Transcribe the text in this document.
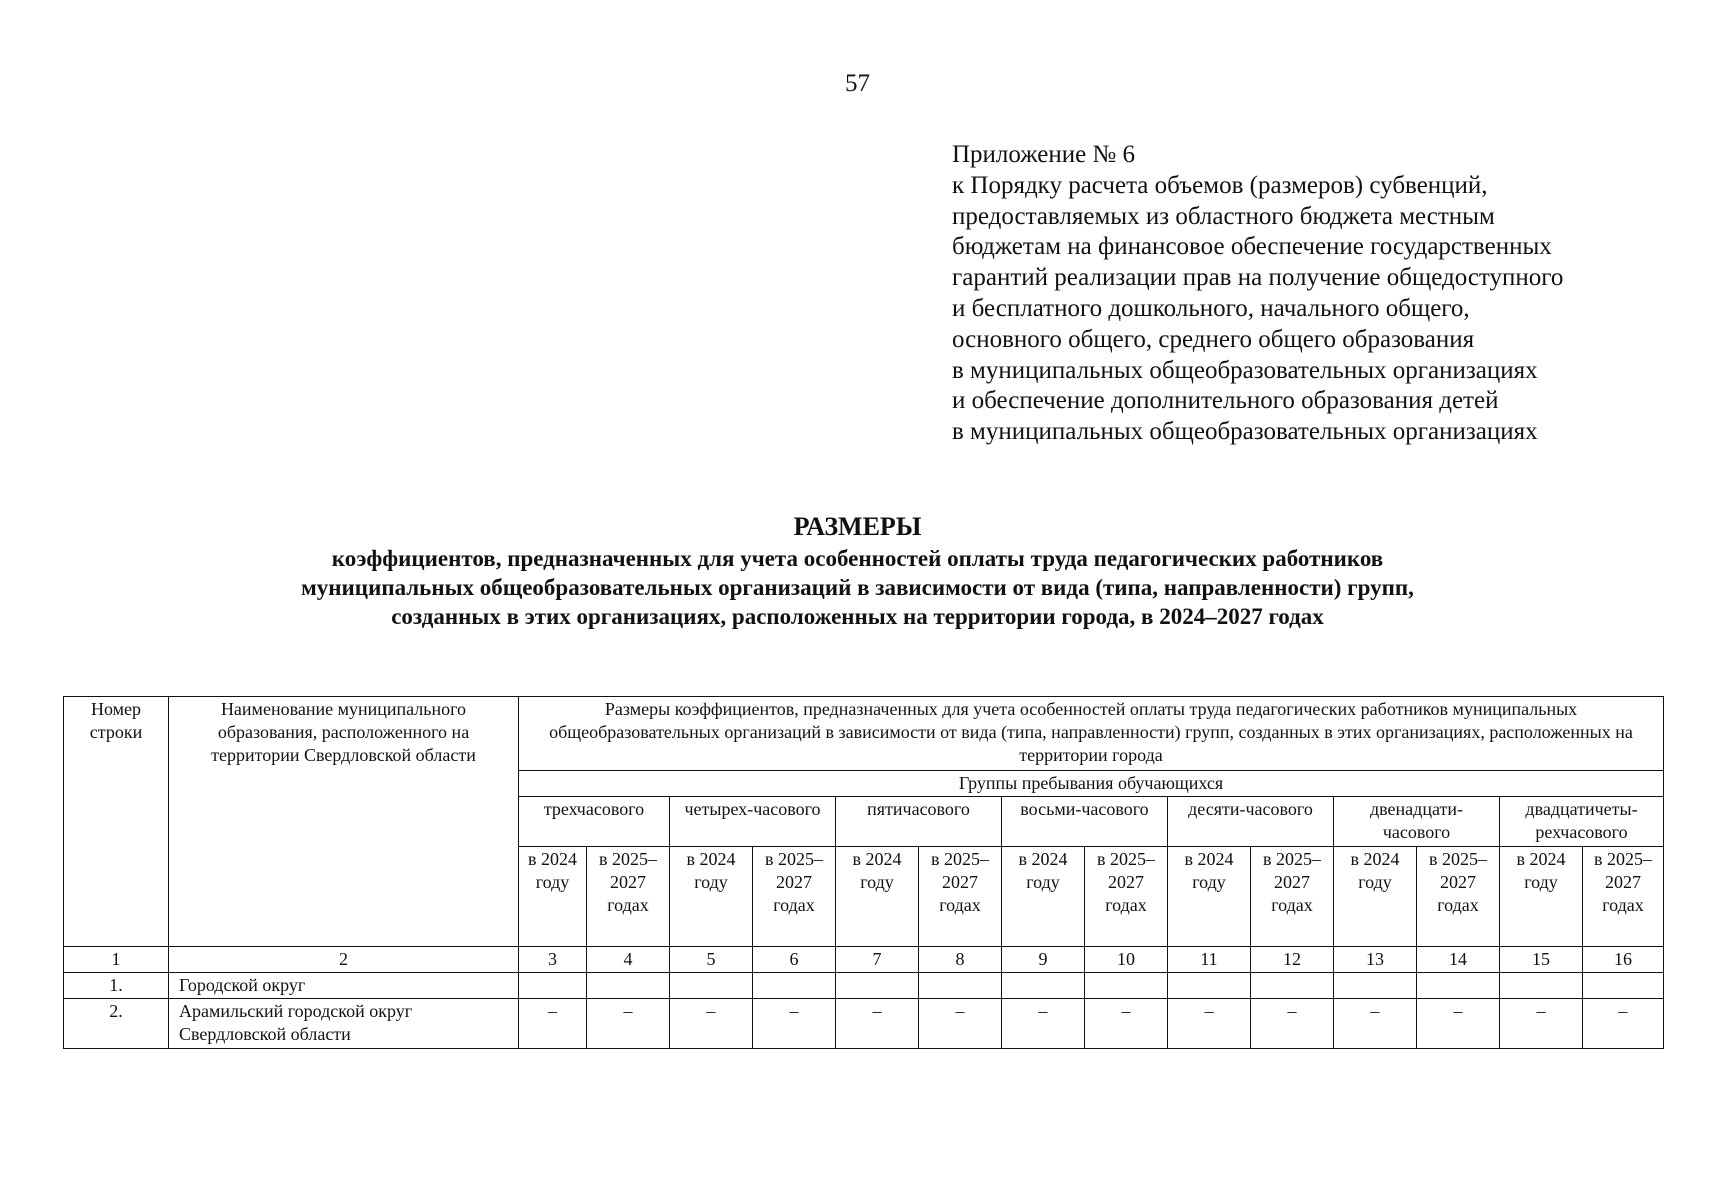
57
Приложение № 6
к Порядку расчета объемов (размеров) субвенций,
предоставляемых из областного бюджета местным
бюджетам на финансовое обеспечение государственных
гарантий реализации прав на получение общедоступного
и бесплатного дошкольного, начального общего,
основного общего, среднего общего образования
в муниципальных общеобразовательных организациях
и обеспечение дополнительного образования детей
в муниципальных общеобразовательных организациях
РАЗМЕРЫ
коэффициентов, предназначенных для учета особенностей оплаты труда педагогических работников
муниципальных общеобразовательных организаций в зависимости от вида (типа, направленности) групп,
созданных в этих организациях, расположенных на территории города, в 2024–2027 годах
Номер строки	Наименование муниципального образования, расположенного на территории Свердловской области	Размеры коэффициентов, предназначенных для учета особенностей оплаты труда педагогических работников муниципальных общеобразовательных организаций в зависимости от вида (типа, направленности) групп, созданных в этих организациях, расположенных на территории города													
		Группы пребывания обучающихся													
		трехчасового		четырех-часового		пятичасового		восьми-часового		десяти-часового		двенадцати-часового		двадцатичеты-рехчасового	
		в 2024 году	в 2025–2027 годах	в 2024 году	в 2025–2027 годах	в 2024 году	в 2025–2027 годах	в 2024 году	в 2025–2027 годах	в 2024 году	в 2025–2027 годах	в 2024 году	в 2025–2027 годах	в 2024 году	в 2025–2027 годах
1	2	3	4	5	6	7	8	9	10	11	12	13	14	15	16
1.	Городской округ														
2.	Арамильский городской округ Свердловской области	–	–	–	–	–	–	–	–	–	–	–	–	–	–
